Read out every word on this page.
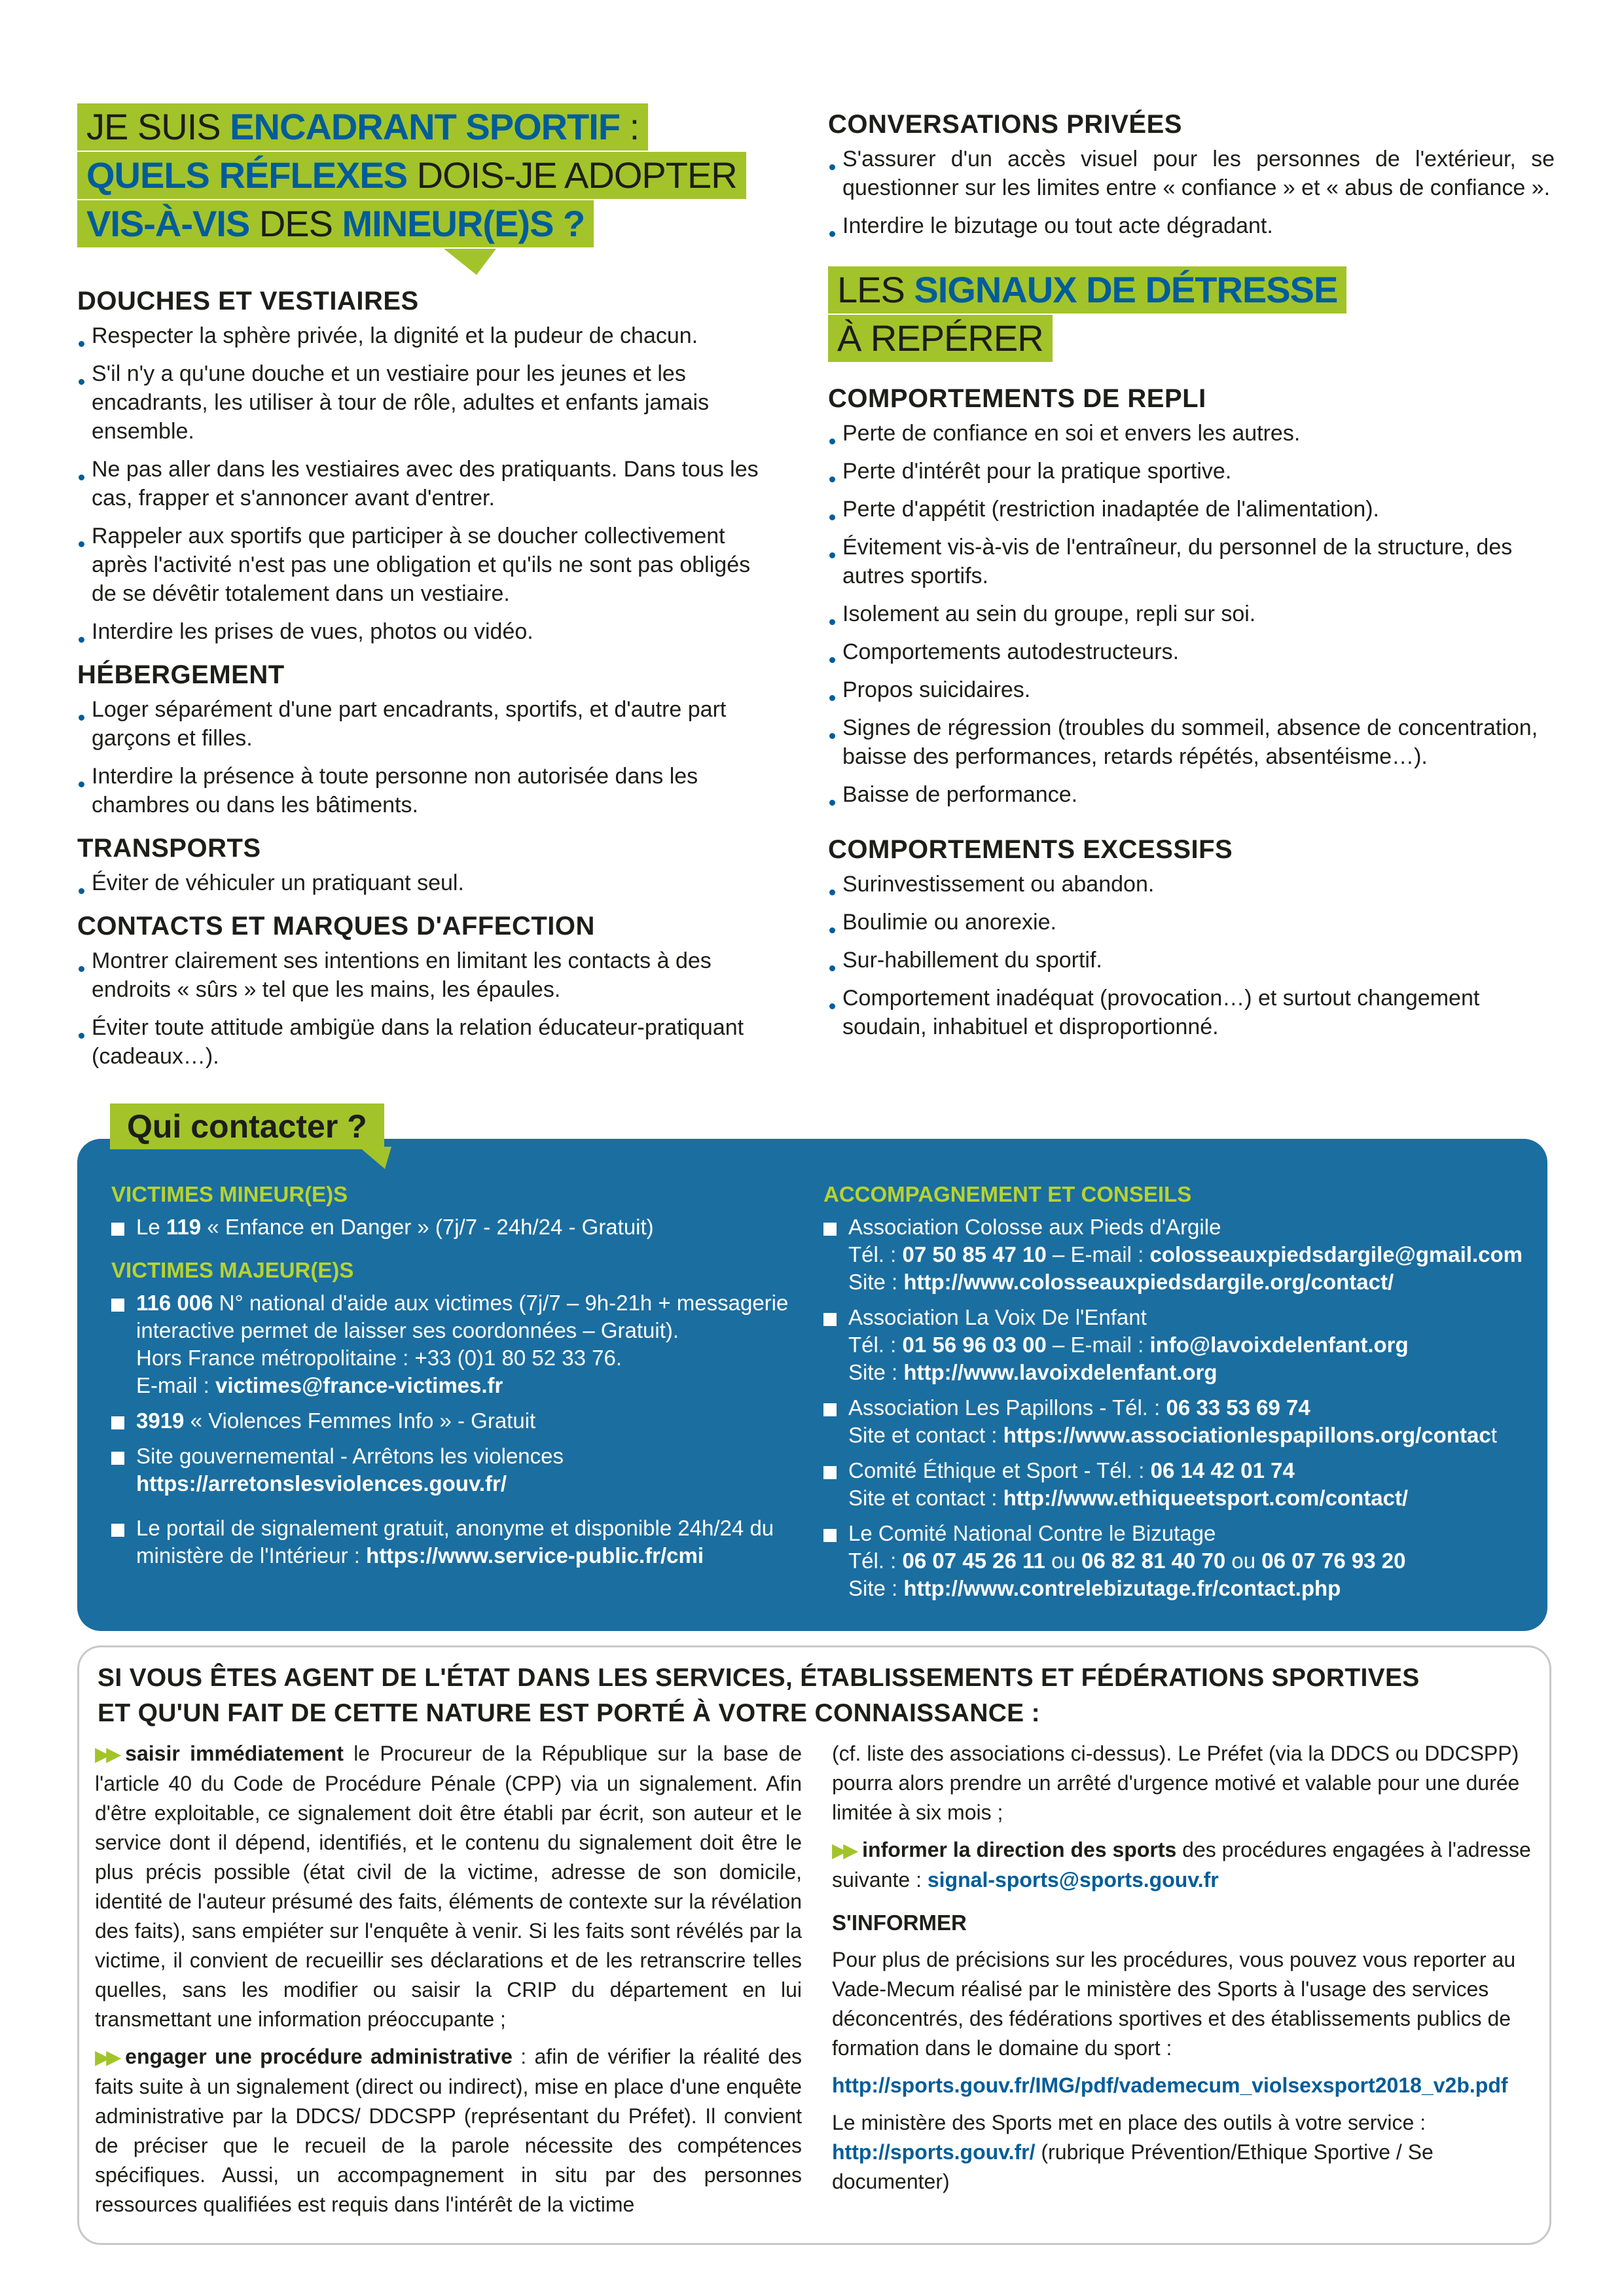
JE SUIS ENCADRANT SPORTIF :
QUELS RÉFLEXES DOIS-JE ADOPTER
VIS-À-VIS DES MINEUR(E)S ?
DOUCHES ET VESTIAIRES
Respecter la sphère privée, la dignité et la pudeur de chacun.
S'il n'y a qu'une douche et un vestiaire pour les jeunes et les encadrants, les utiliser à tour de rôle, adultes et enfants jamais ensemble.
Ne pas aller dans les vestiaires avec des pratiquants. Dans tous les cas, frapper et s'annoncer avant d'entrer.
Rappeler aux sportifs que participer à se doucher collectivement après l'activité n'est pas une obligation et qu'ils ne sont pas obligés de se dévêtir totalement dans un vestiaire.
Interdire les prises de vues, photos ou vidéo.
HÉBERGEMENT
Loger séparément d'une part encadrants, sportifs, et d'autre part garçons et filles.
Interdire la présence à toute personne non autorisée dans les chambres ou dans les bâtiments.
TRANSPORTS
Éviter de véhiculer un pratiquant seul.
CONTACTS ET MARQUES D'AFFECTION
Montrer clairement ses intentions en limitant les contacts à des endroits « sûrs » tel que les mains, les épaules.
Éviter toute attitude ambigüe dans la relation éducateur-pratiquant (cadeaux…).
CONVERSATIONS PRIVÉES
S'assurer d'un accès visuel pour les personnes de l'extérieur, se questionner sur les limites entre « confiance » et « abus de confiance ».
Interdire le bizutage ou tout acte dégradant.
LES SIGNAUX DE DÉTRESSE
À REPÉRER
COMPORTEMENTS DE REPLI
Perte de confiance en soi et envers les autres.
Perte d'intérêt pour la pratique sportive.
Perte d'appétit (restriction inadaptée de l'alimentation).
Évitement vis-à-vis de l'entraîneur, du personnel de la structure, des autres sportifs.
Isolement au sein du groupe, repli sur soi.
Comportements autodestructeurs.
Propos suicidaires.
Signes de régression (troubles du sommeil, absence de concentration, baisse des performances, retards répétés, absentéisme…).
Baisse de performance.
COMPORTEMENTS EXCESSIFS
Surinvestissement ou abandon.
Boulimie ou anorexie.
Sur-habillement du sportif.
Comportement inadéquat (provocation…) et surtout changement soudain, inhabituel et disproportionné.
Qui contacter ?
VICTIMES MINEUR(E)S
Le 119 « Enfance en Danger » (7j/7 - 24h/24 - Gratuit)
VICTIMES MAJEUR(E)S
116 006 N° national d'aide aux victimes (7j/7 – 9h-21h + messagerie interactive permet de laisser ses coordonnées – Gratuit).
Hors France métropolitaine : +33 (0)1 80 52 33 76.
E-mail : victimes@france-victimes.fr
3919 « Violences Femmes Info » - Gratuit
Site gouvernemental - Arrêtons les violences
https://arretonslesviolences.gouv.fr/
Le portail de signalement gratuit, anonyme et disponible 24h/24 du ministère de l'Intérieur : https://www.service-public.fr/cmi
ACCOMPAGNEMENT ET CONSEILS
Association Colosse aux Pieds d'Argile
Tél. : 07 50 85 47 10 – E-mail : colosseauxpiedsdargile@gmail.com
Site : http://www.colosseauxpiedsdargile.org/contact/
Association La Voix De l'Enfant
Tél. : 01 56 96 03 00 – E-mail : info@lavoixdelenfant.org
Site : http://www.lavoixdelenfant.org
Association Les Papillons - Tél. : 06 33 53 69 74
Site et contact : https://www.associationlespapillons.org/contact
Comité Éthique et Sport - Tél. : 06 14 42 01 74
Site et contact : http://www.ethiqueetsport.com/contact/
Le Comité National Contre le Bizutage
Tél. : 06 07 45 26 11 ou 06 82 81 40 70 ou 06 07 76 93 20
Site : http://www.contrelebizutage.fr/contact.php
SI VOUS ÊTES AGENT DE L'ÉTAT DANS LES SERVICES, ÉTABLISSEMENTS ET FÉDÉRATIONS SPORTIVES
ET QU'UN FAIT DE CETTE NATURE EST PORTÉ À VOTRE CONNAISSANCE :

▶▶ saisir immédiatement le Procureur de la République sur la base de l'article 40 du Code de Procédure Pénale (CPP) via un signalement. Afin d'être exploitable, ce signalement doit être établi par écrit, son auteur et le service dont il dépend, identifiés, et le contenu du signalement doit être le plus précis possible (état civil de la victime, adresse de son domicile, identité de l'auteur présumé des faits, éléments de contexte sur la révélation des faits), sans empiéter sur l'enquête à venir. Si les faits sont révélés par la victime, il convient de recueillir ses déclarations et de les retranscrire telles quelles, sans les modifier ou saisir la CRIP du département en lui transmettant une information préoccupante ;

▶▶ engager une procédure administrative : afin de vérifier la réalité des faits suite à un signalement (direct ou indirect), mise en place d'une enquête administrative par la DDCS/ DDCSPP (représentant du Préfet). Il convient de préciser que le recueil de la parole nécessite des compétences spécifiques. Aussi, un accompagnement in situ par des personnes ressources qualifiées est requis dans l'intérêt de la victime

(cf. liste des associations ci-dessus). Le Préfet (via la DDCS ou DDCSPP) pourra alors prendre un arrêté d'urgence motivé et valable pour une durée limitée à six mois ;

▶▶ informer la direction des sports des procédures engagées à l'adresse suivante : signal-sports@sports.gouv.fr

S'INFORMER

Pour plus de précisions sur les procédures, vous pouvez vous reporter au Vade-Mecum réalisé par le ministère des Sports à l'usage des services déconcentrés, des fédérations sportives et des établissements publics de formation dans le domaine du sport :

http://sports.gouv.fr/IMG/pdf/vademecum_violsexsport2018_v2b.pdf

Le ministère des Sports met en place des outils à votre service : http://sports.gouv.fr/ (rubrique Prévention/Ethique Sportive / Se documenter)
